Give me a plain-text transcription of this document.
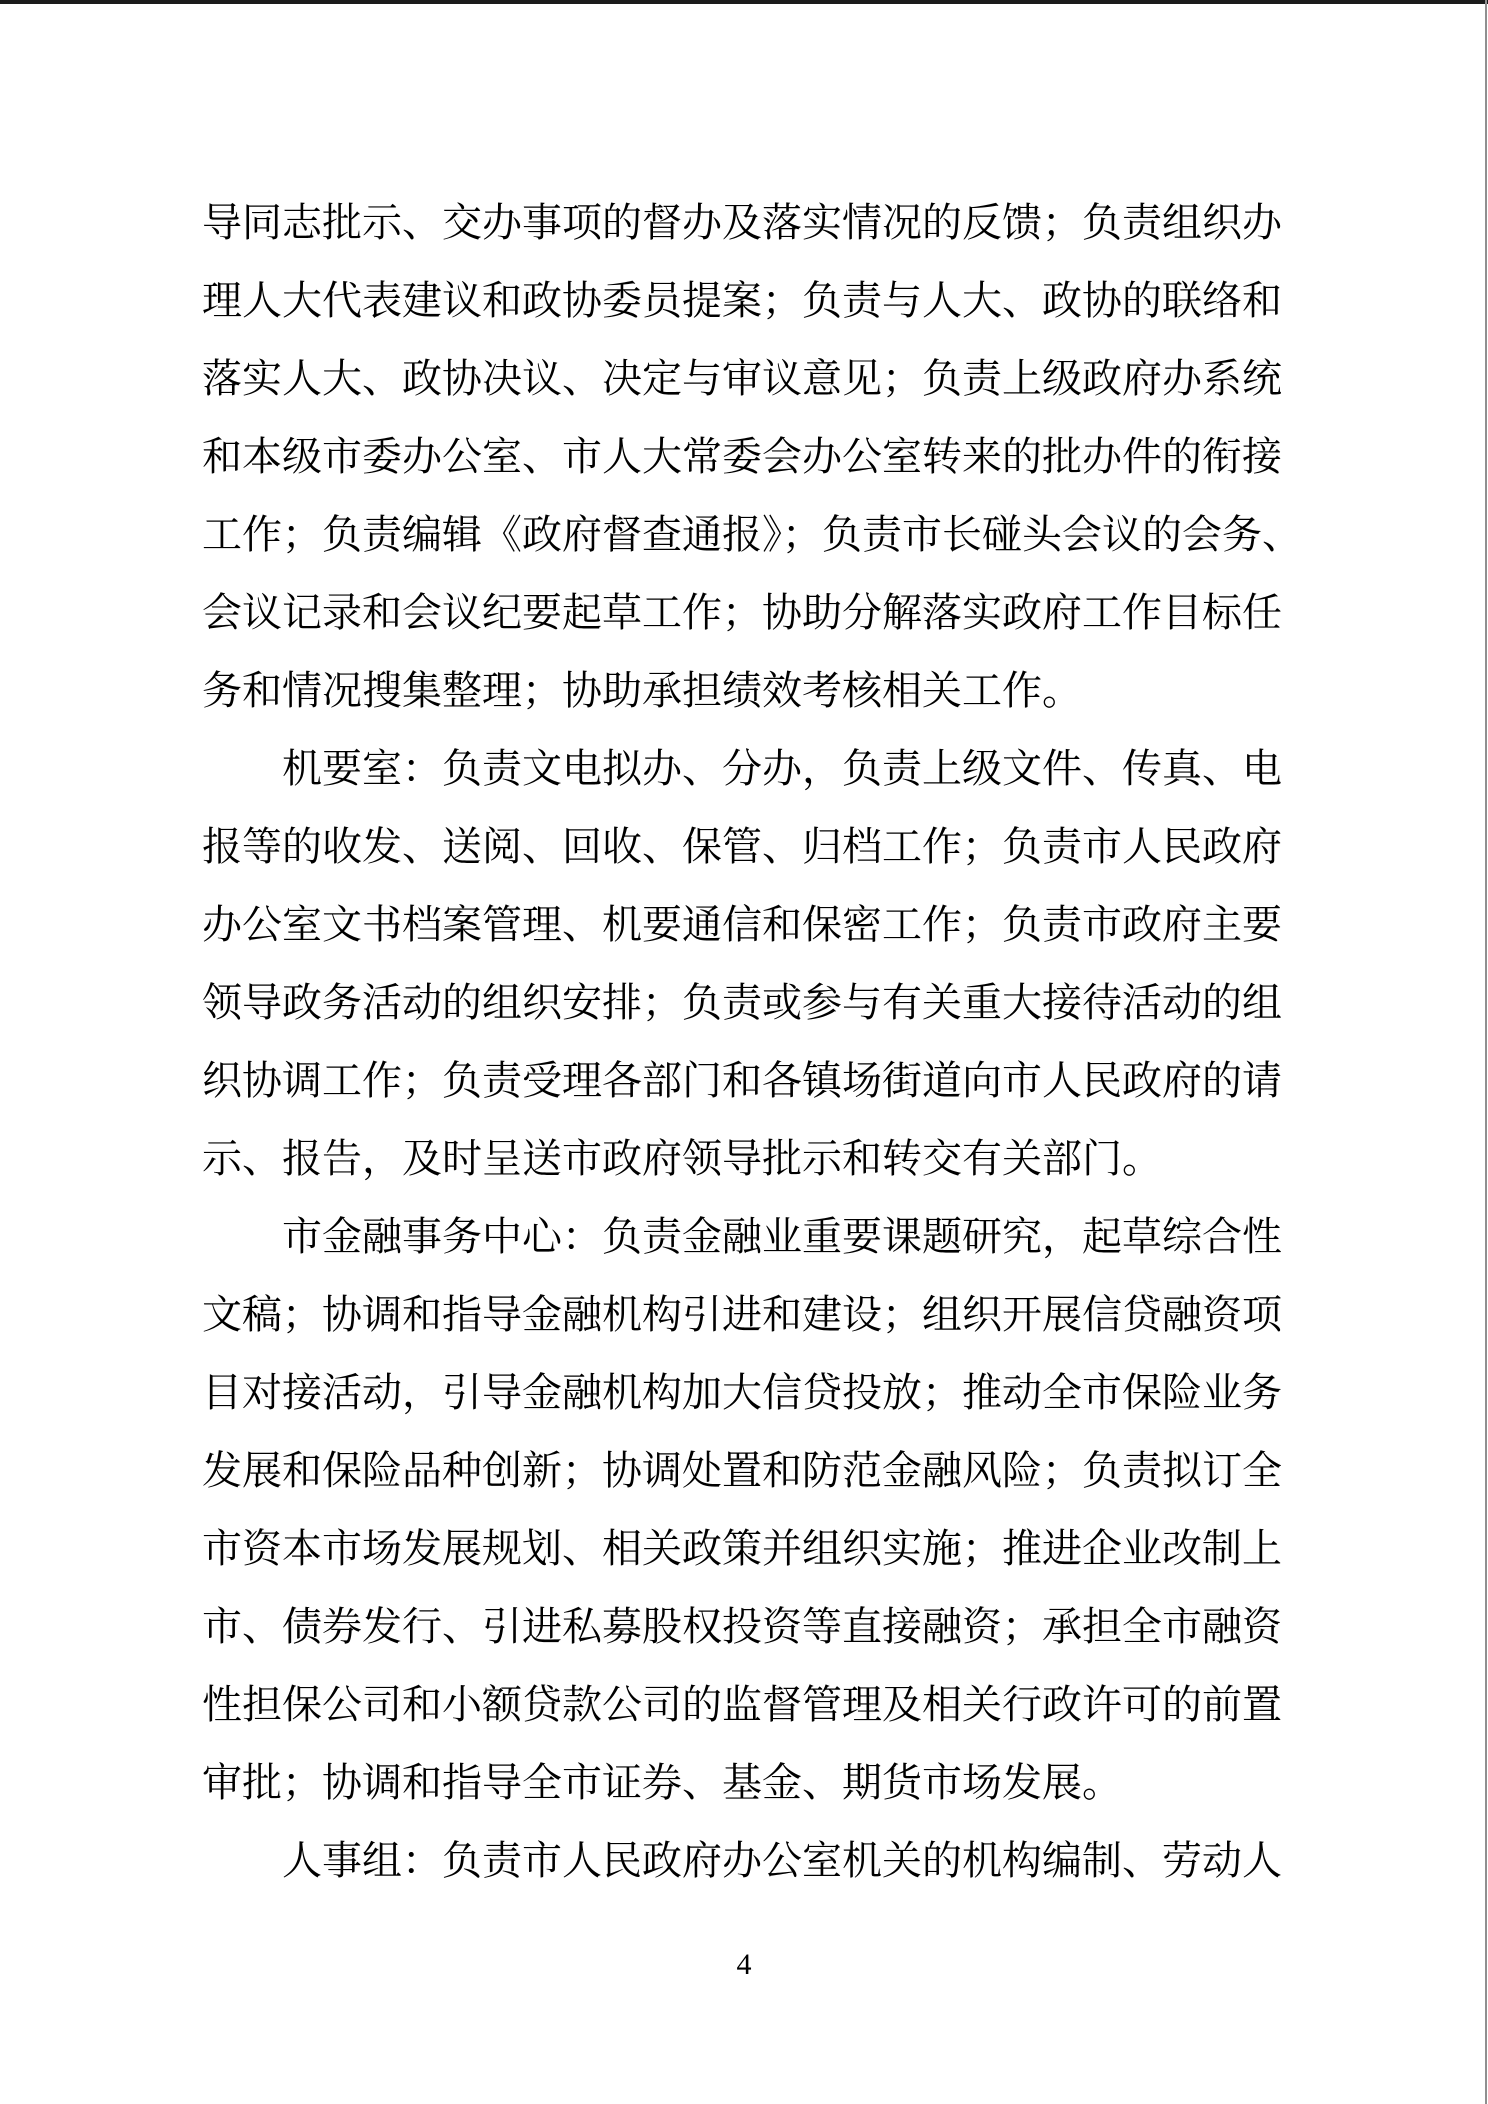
导同志批示、交办事项的督办及落实情况的反馈；负责组织办
理人大代表建议和政协委员提案；负责与人大、政协的联络和
落实人大、政协决议、决定与审议意见；负责上级政府办系统
和本级市委办公室、市人大常委会办公室转来的批办件的衔接
工作；负责编辑《政府督查通报》；负责市长碰头会议的会务、
会议记录和会议纪要起草工作；协助分解落实政府工作目标任
务和情况搜集整理；协助承担绩效考核相关工作。
机要室：负责文电拟办、分办，负责上级文件、传真、电
报等的收发、送阅、回收、保管、归档工作；负责市人民政府
办公室文书档案管理、机要通信和保密工作；负责市政府主要
领导政务活动的组织安排；负责或参与有关重大接待活动的组
织协调工作；负责受理各部门和各镇场街道向市人民政府的请
示、报告，及时呈送市政府领导批示和转交有关部门。
市金融事务中心：负责金融业重要课题研究，起草综合性
文稿；协调和指导金融机构引进和建设；组织开展信贷融资项
目对接活动，引导金融机构加大信贷投放；推动全市保险业务
发展和保险品种创新；协调处置和防范金融风险；负责拟订全
市资本市场发展规划、相关政策并组织实施；推进企业改制上
市、债券发行、引进私募股权投资等直接融资；承担全市融资
性担保公司和小额贷款公司的监督管理及相关行政许可的前置
审批；协调和指导全市证券、基金、期货市场发展。
人事组：负责市人民政府办公室机关的机构编制、劳动人
4
